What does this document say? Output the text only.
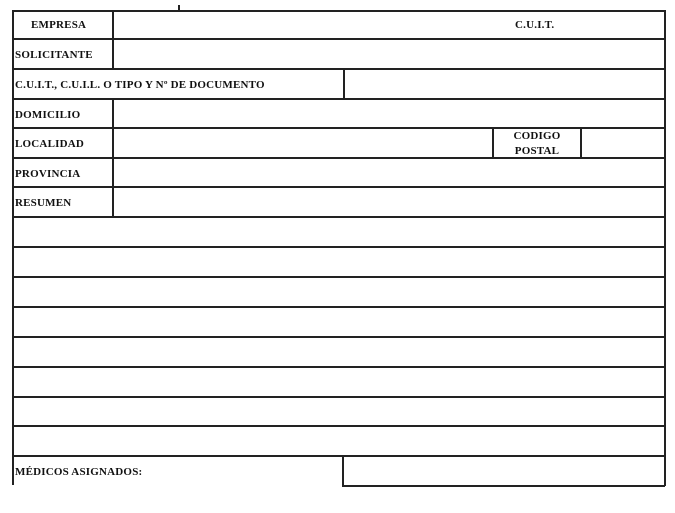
EMPRESA	C.U.I.T.
SOLICITANTE
C.U.I.T., C.U.I.L. O TIPO Y Nº DE DOCUMENTO
DOMICILIO
LOCALIDAD
CODIGO
POSTAL
PROVINCIA
RESUMEN
MÉDICOS ASIGNADOS:
